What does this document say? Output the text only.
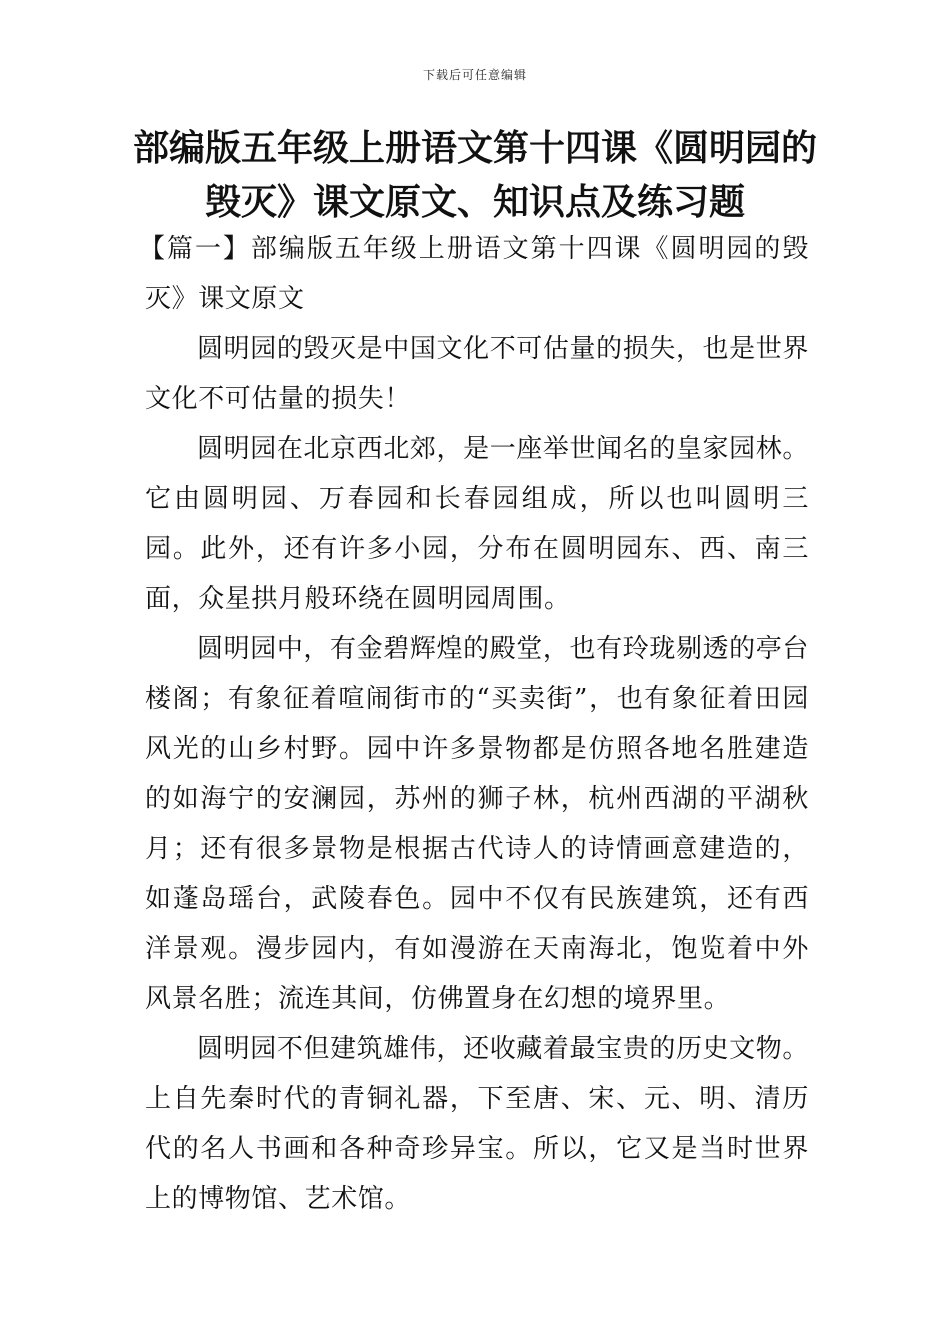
下载后可任意编辑
部编版五年级上册语文第十四课《圆明园的毁灭》课文原文、知识点及练习题

【篇一】部编版五年级上册语文第十四课《圆明园的毁灭》课文原文

圆明园的毁灭是中国文化不可估量的损失，也是世界文化不可估量的损失！

圆明园在北京西北郊，是一座举世闻名的皇家园林。它由圆明园、万春园和长春园组成，所以也叫圆明三园。此外，还有许多小园，分布在圆明园东、西、南三面，众星拱月般环绕在圆明园周围。

圆明园中，有金碧辉煌的殿堂，也有玲珑剔透的亭台楼阁；有象征着喧闹街市的“买卖街”，也有象征着田园风光的山乡村野。园中许多景物都是仿照各地名胜建造的如海宁的安澜园，苏州的狮子林，杭州西湖的平湖秋月；还有很多景物是根据古代诗人的诗情画意建造的，如蓬岛瑶台，武陵春色。园中不仅有民族建筑，还有西洋景观。漫步园内，有如漫游在天南海北，饱览着中外风景名胜；流连其间，仿佛置身在幻想的境界里。

圆明园不但建筑雄伟，还收藏着最宝贵的历史文物。上自先秦时代的青铜礼器，下至唐、宋、元、明、清历代的名人书画和各种奇珍异宝。所以，它又是当时世界上的博物馆、艺术馆。
